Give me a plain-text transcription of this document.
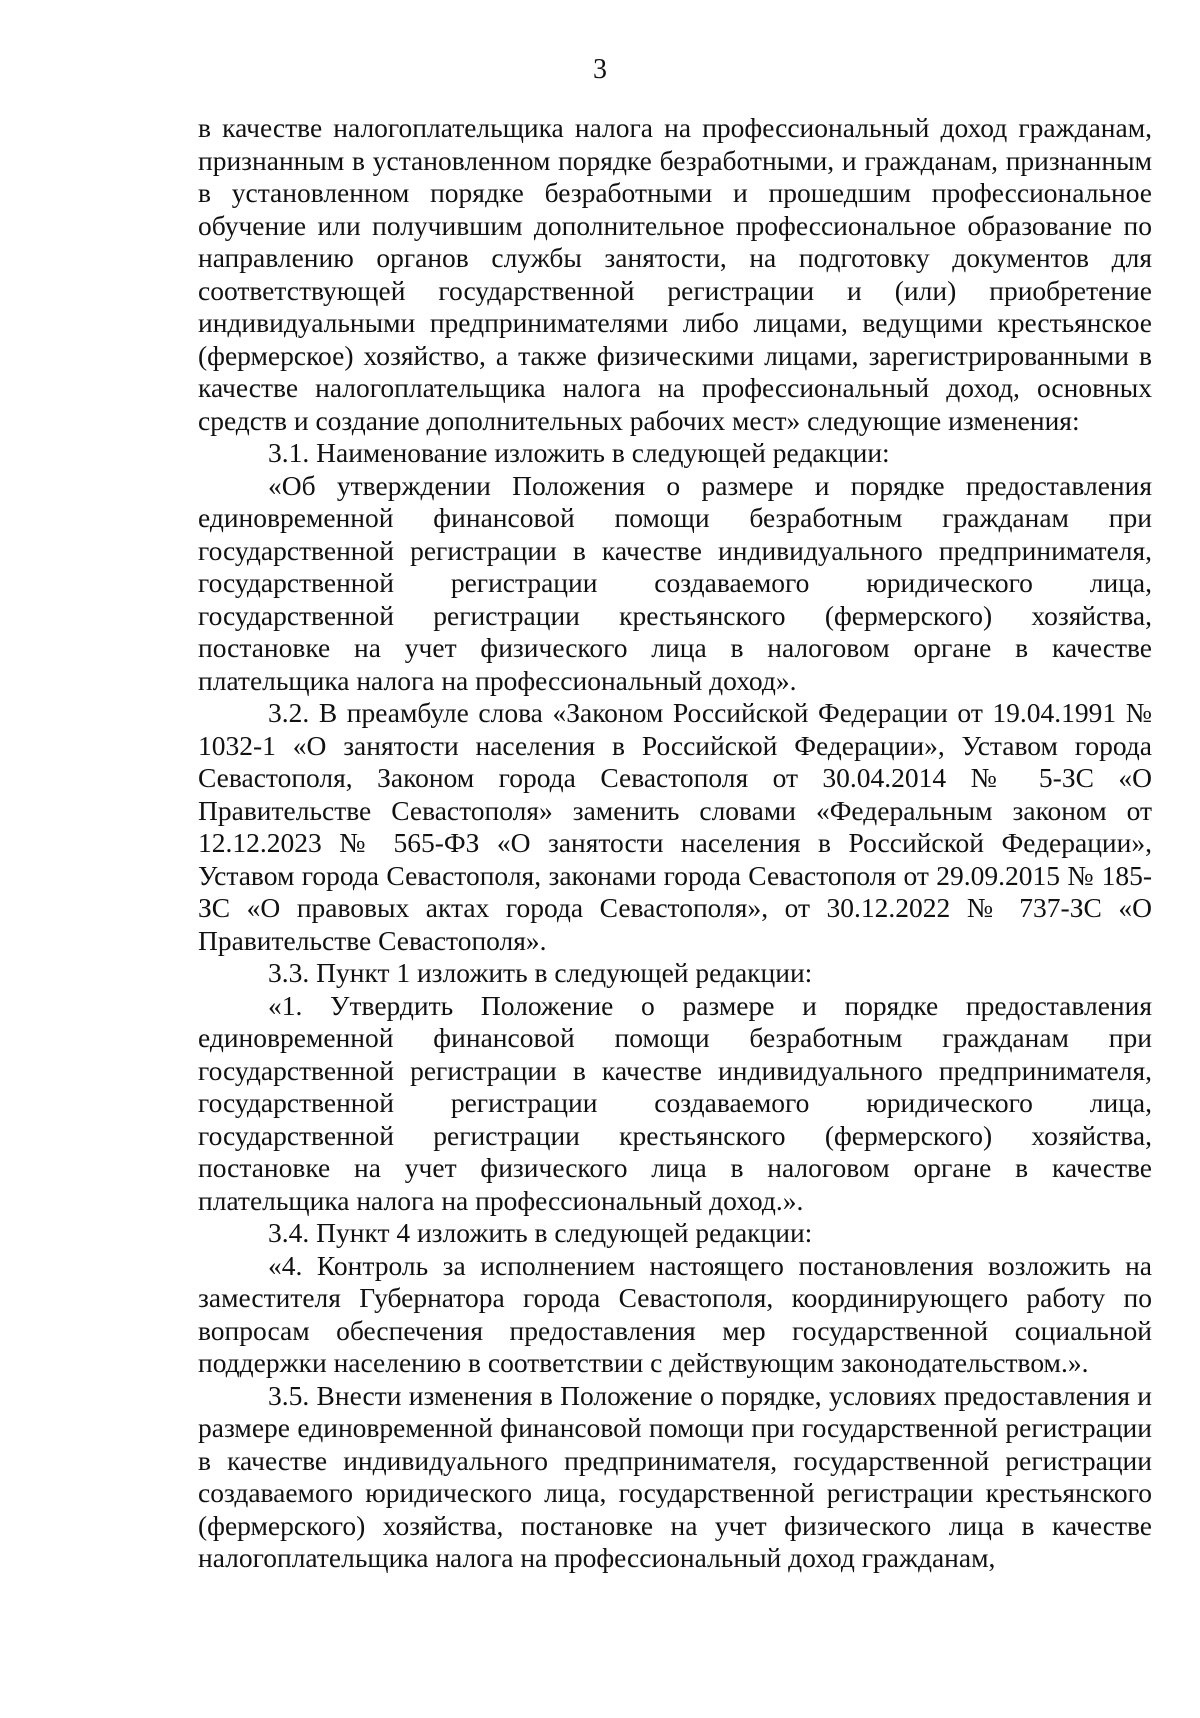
3

в качестве налогоплательщика налога на профессиональный доход гражданам, признанным в установленном порядке безработными, и гражданам, признанным в установленном порядке безработными и прошедшим профессиональное обучение или получившим дополнительное профессиональное образование по направлению органов службы занятости, на подготовку документов для соответствующей государственной регистрации и (или) приобретение индивидуальными предпринимателями либо лицами, ведущими крестьянское (фермерское) хозяйство, а также физическими лицами, зарегистрированными в качестве налогоплательщика налога на профессиональный доход, основных средств и создание дополнительных рабочих мест» следующие изменения:

3.1. Наименование изложить в следующей редакции:

«Об утверждении Положения о размере и порядке предоставления единовременной финансовой помощи безработным гражданам при государственной регистрации в качестве индивидуального предпринимателя, государственной регистрации создаваемого юридического лица, государственной регистрации крестьянского (фермерского) хозяйства, постановке на учет физического лица в налоговом органе в качестве плательщика налога на профессиональный доход».

3.2. В преамбуле слова «Законом Российской Федерации от 19.04.1991 № 1032-1 «О занятости населения в Российской Федерации», Уставом города Севастополя, Законом города Севастополя от 30.04.2014 № 5-ЗС «О Правительстве Севастополя» заменить словами «Федеральным законом от 12.12.2023 № 565-ФЗ «О занятости населения в Российской Федерации», Уставом города Севастополя, законами города Севастополя от 29.09.2015 № 185-ЗС «О правовых актах города Севастополя», от 30.12.2022 № 737-ЗС «О Правительстве Севастополя».

3.3. Пункт 1 изложить в следующей редакции:

«1. Утвердить Положение о размере и порядке предоставления единовременной финансовой помощи безработным гражданам при государственной регистрации в качестве индивидуального предпринимателя, государственной регистрации создаваемого юридического лица, государственной регистрации крестьянского (фермерского) хозяйства, постановке на учет физического лица в налоговом органе в качестве плательщика налога на профессиональный доход.».

3.4. Пункт 4 изложить в следующей редакции:

«4. Контроль за исполнением настоящего постановления возложить на заместителя Губернатора города Севастополя, координирующего работу по вопросам обеспечения предоставления мер государственной социальной поддержки населению в соответствии с действующим законодательством.».

3.5. Внести изменения в Положение о порядке, условиях предоставления и размере единовременной финансовой помощи при государственной регистрации в качестве индивидуального предпринимателя, государственной регистрации создаваемого юридического лица, государственной регистрации крестьянского (фермерского) хозяйства, постановке на учет физического лица в качестве налогоплательщика налога на профессиональный доход гражданам,
